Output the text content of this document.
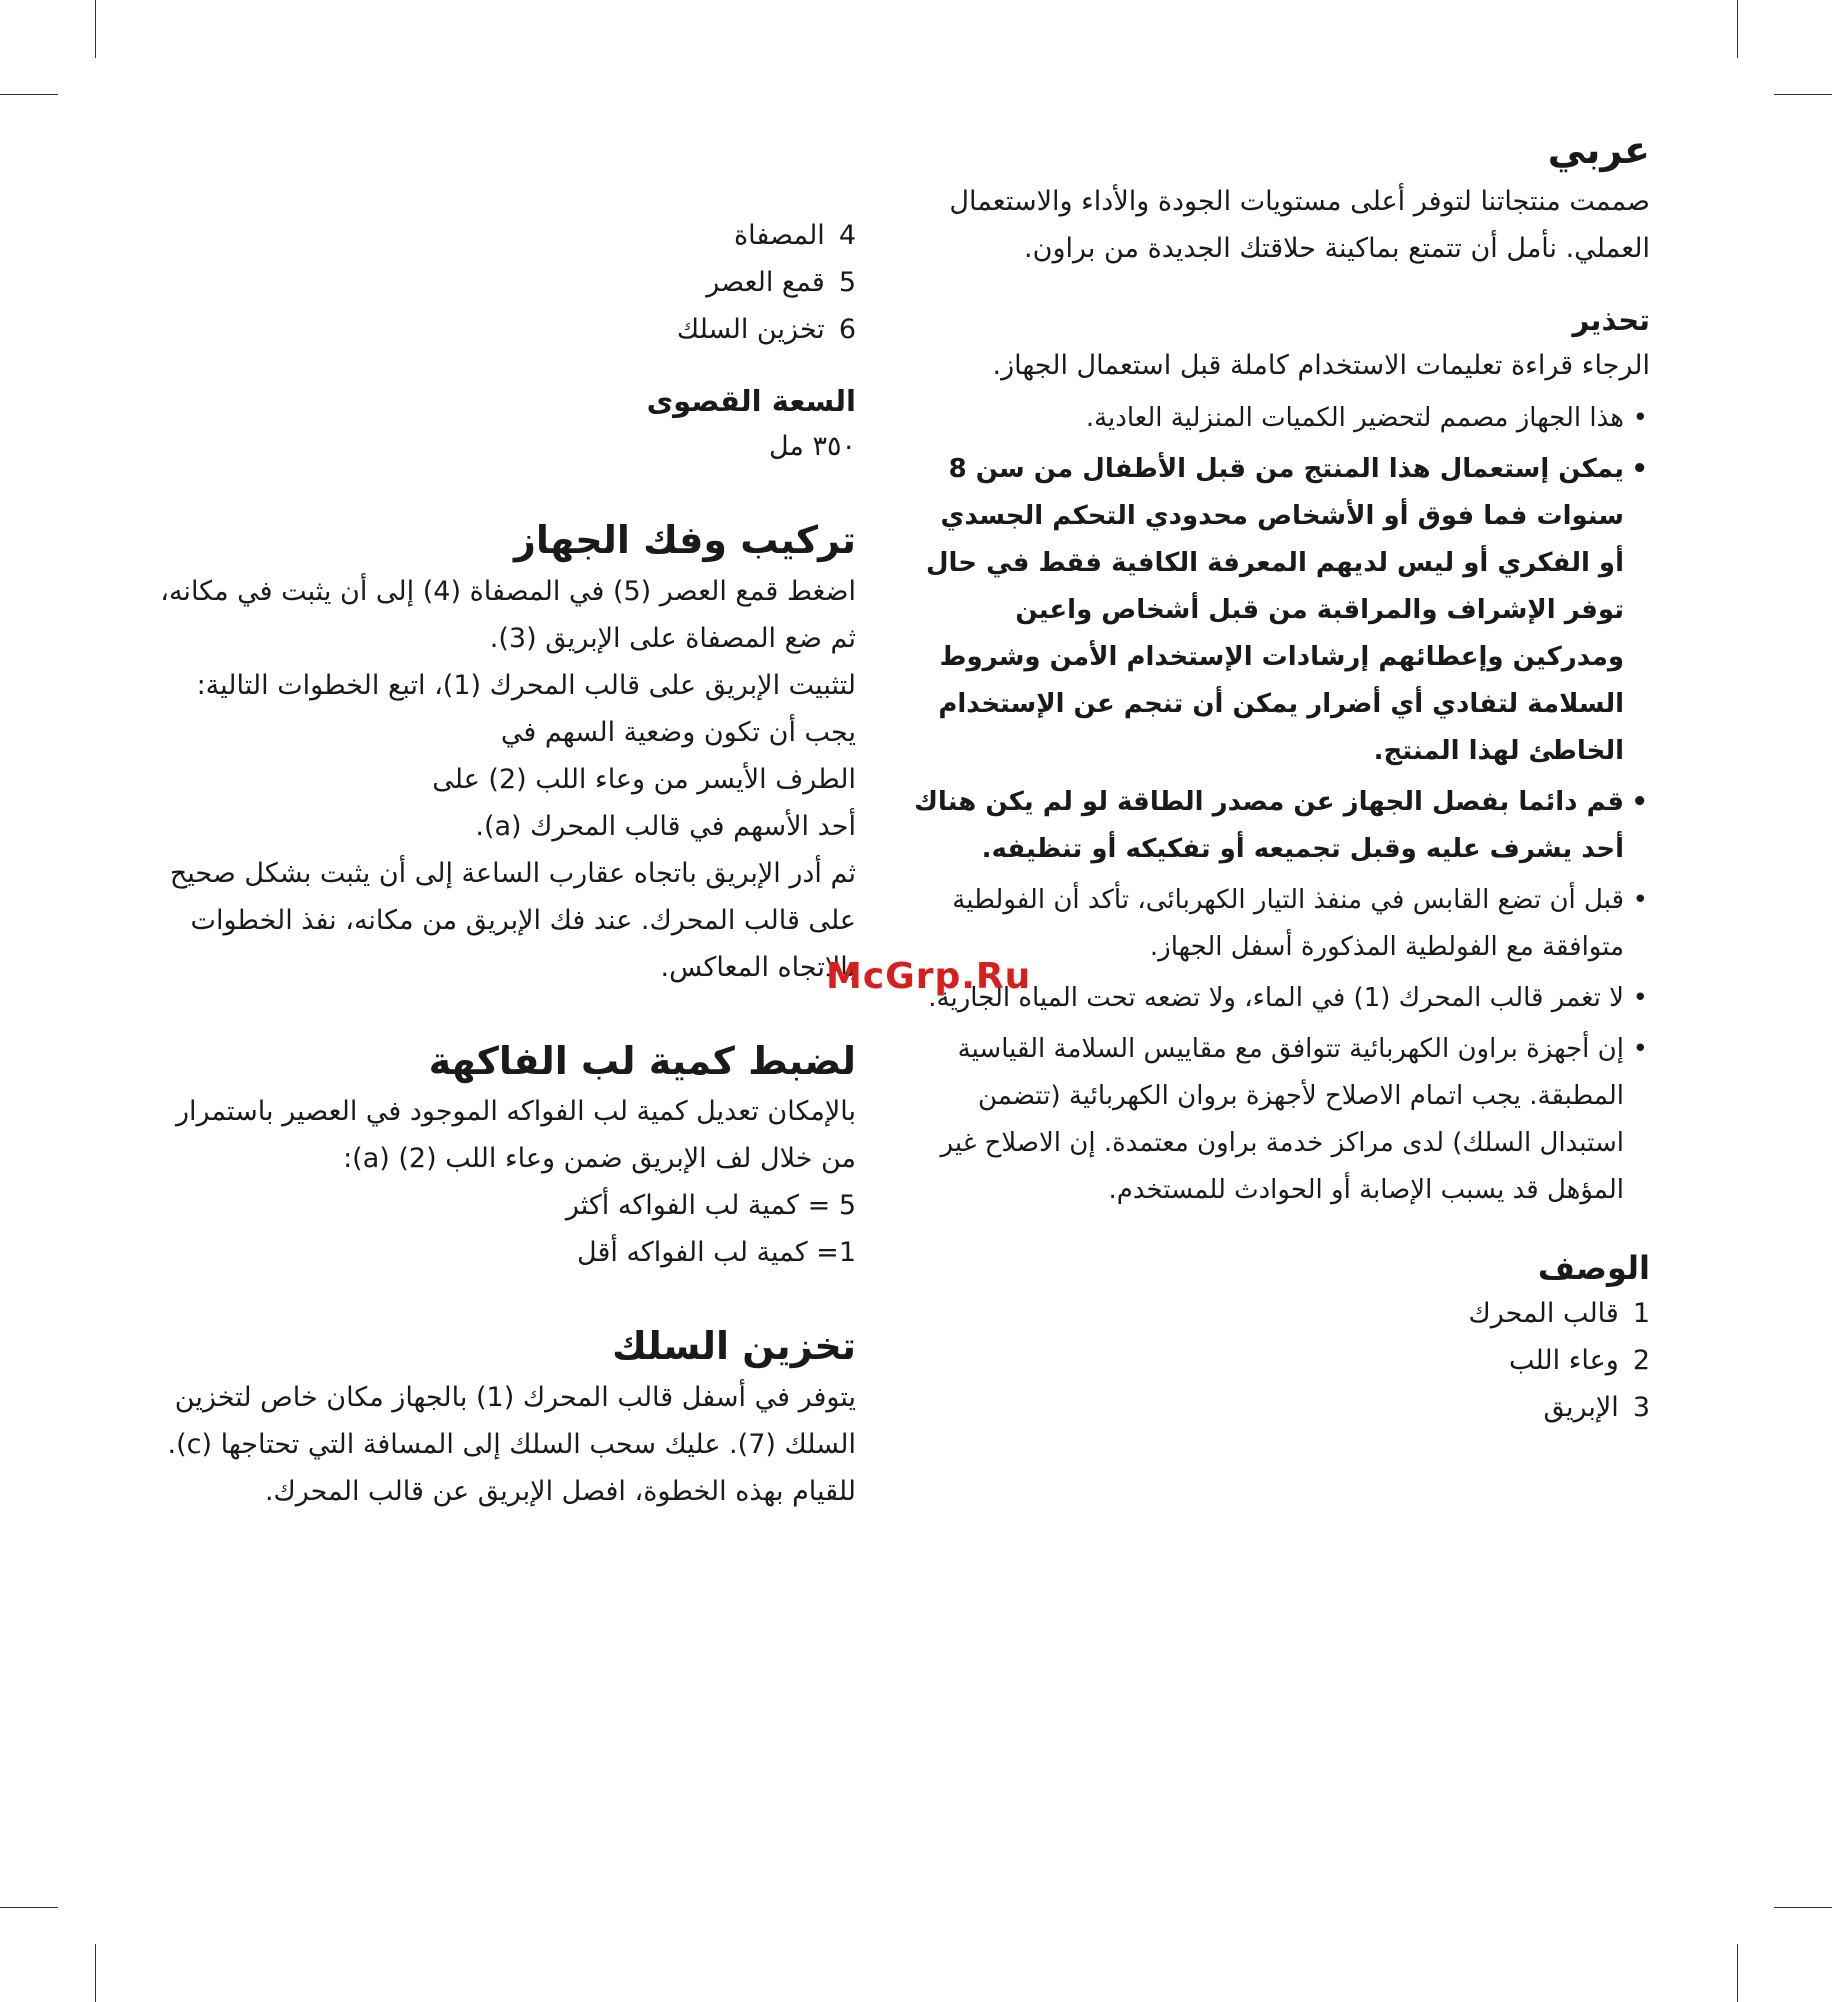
عربي

صممت منتجاتنا لتوفر أعلى مستويات الجودة والأداء والاستعمال العملي. نأمل أن تتمتع بماكينة حلاقتك الجديدة من براون.

تحذير

الرجاء قراءة تعليمات الاستخدام كاملة قبل استعمال الجهاز.

• هذا الجهاز مصمم لتحضير الكميات المنزلية العادية.
• يمكن إستعمال هذا المنتج من قبل الأطفال من سن 8 سنوات فما فوق أو الأشخاص محدودي التحكم الجسدي أو الفكري أو ليس لديهم المعرفة الكافية فقط في حال توفر الإشراف والمراقبة من قبل أشخاص واعين ومدركين وإعطائهم إرشادات الإستخدام الأمن وشروط السلامة لتفادي أي أضرار يمكن أن تنجم عن الإستخدام الخاطئ لهذا المنتج.
• قم دائما بفصل الجهاز عن مصدر الطاقة لو لم يكن هناك أحد يشرف عليه وقبل تجميعه أو تفكيكه أو تنظيفه.
• قبل أن تضع القابس في منفذ التيار الكهربائى، تأكد أن الفولطية متوافقة مع الفولطية المذكورة أسفل الجهاز.
• لا تغمر قالب المحرك (1) في الماء، ولا تضعه تحت المياه الجارية.
• إن أجهزة براون الكهربائية تتوافق مع مقاييس السلامة القياسية المطبقة. يجب اتمام الاصلاح لأجهزة بروان الكهربائية (تتضمن استبدال السلك) لدى مراكز خدمة براون معتمدة. إن الاصلاح غير المؤهل قد يسبب الإصابة أو الحوادث للمستخدم.
الوصف
1قالب المحرك
2وعاء اللب
3الإبريق
4المصفاة
5قمع العصر
6تخزين السلك
السعة القصوى

٣٥٠ مل

تركيب وفك الجهاز

اضغط قمع العصر (5) في المصفاة (4) إلى أن يثبت في مكانه، ثم ضع المصفاة على الإبريق (3).

لتثبيت الإبريق على قالب المحرك (1)، اتبع الخطوات التالية:

يجب أن تكون وضعية السهم في الطرف الأيسر من وعاء اللب (2) على أحد الأسهم في قالب المحرك (a).

ثم أدر الإبريق باتجاه عقارب الساعة إلى أن يثبت بشكل صحيح على قالب المحرك. عند فك الإبريق من مكانه، نفذ الخطوات بالاتجاه المعاكس.

لضبط كمية لب الفاكهة

بالإمكان تعديل كمية لب الفواكه الموجود في العصير باستمرار من خلال لف الإبريق ضمن وعاء اللب (2) (a):

5 = كمية لب الفواكه أكثر

1= كمية لب الفواكه أقل

تخزين السلك

يتوفر في أسفل قالب المحرك (1) بالجهاز مكان خاص لتخزين السلك (7). عليك سحب السلك إلى المسافة التي تحتاجها (c). للقيام بهذه الخطوة، افصل الإبريق عن قالب المحرك.

McGrp.Ru
